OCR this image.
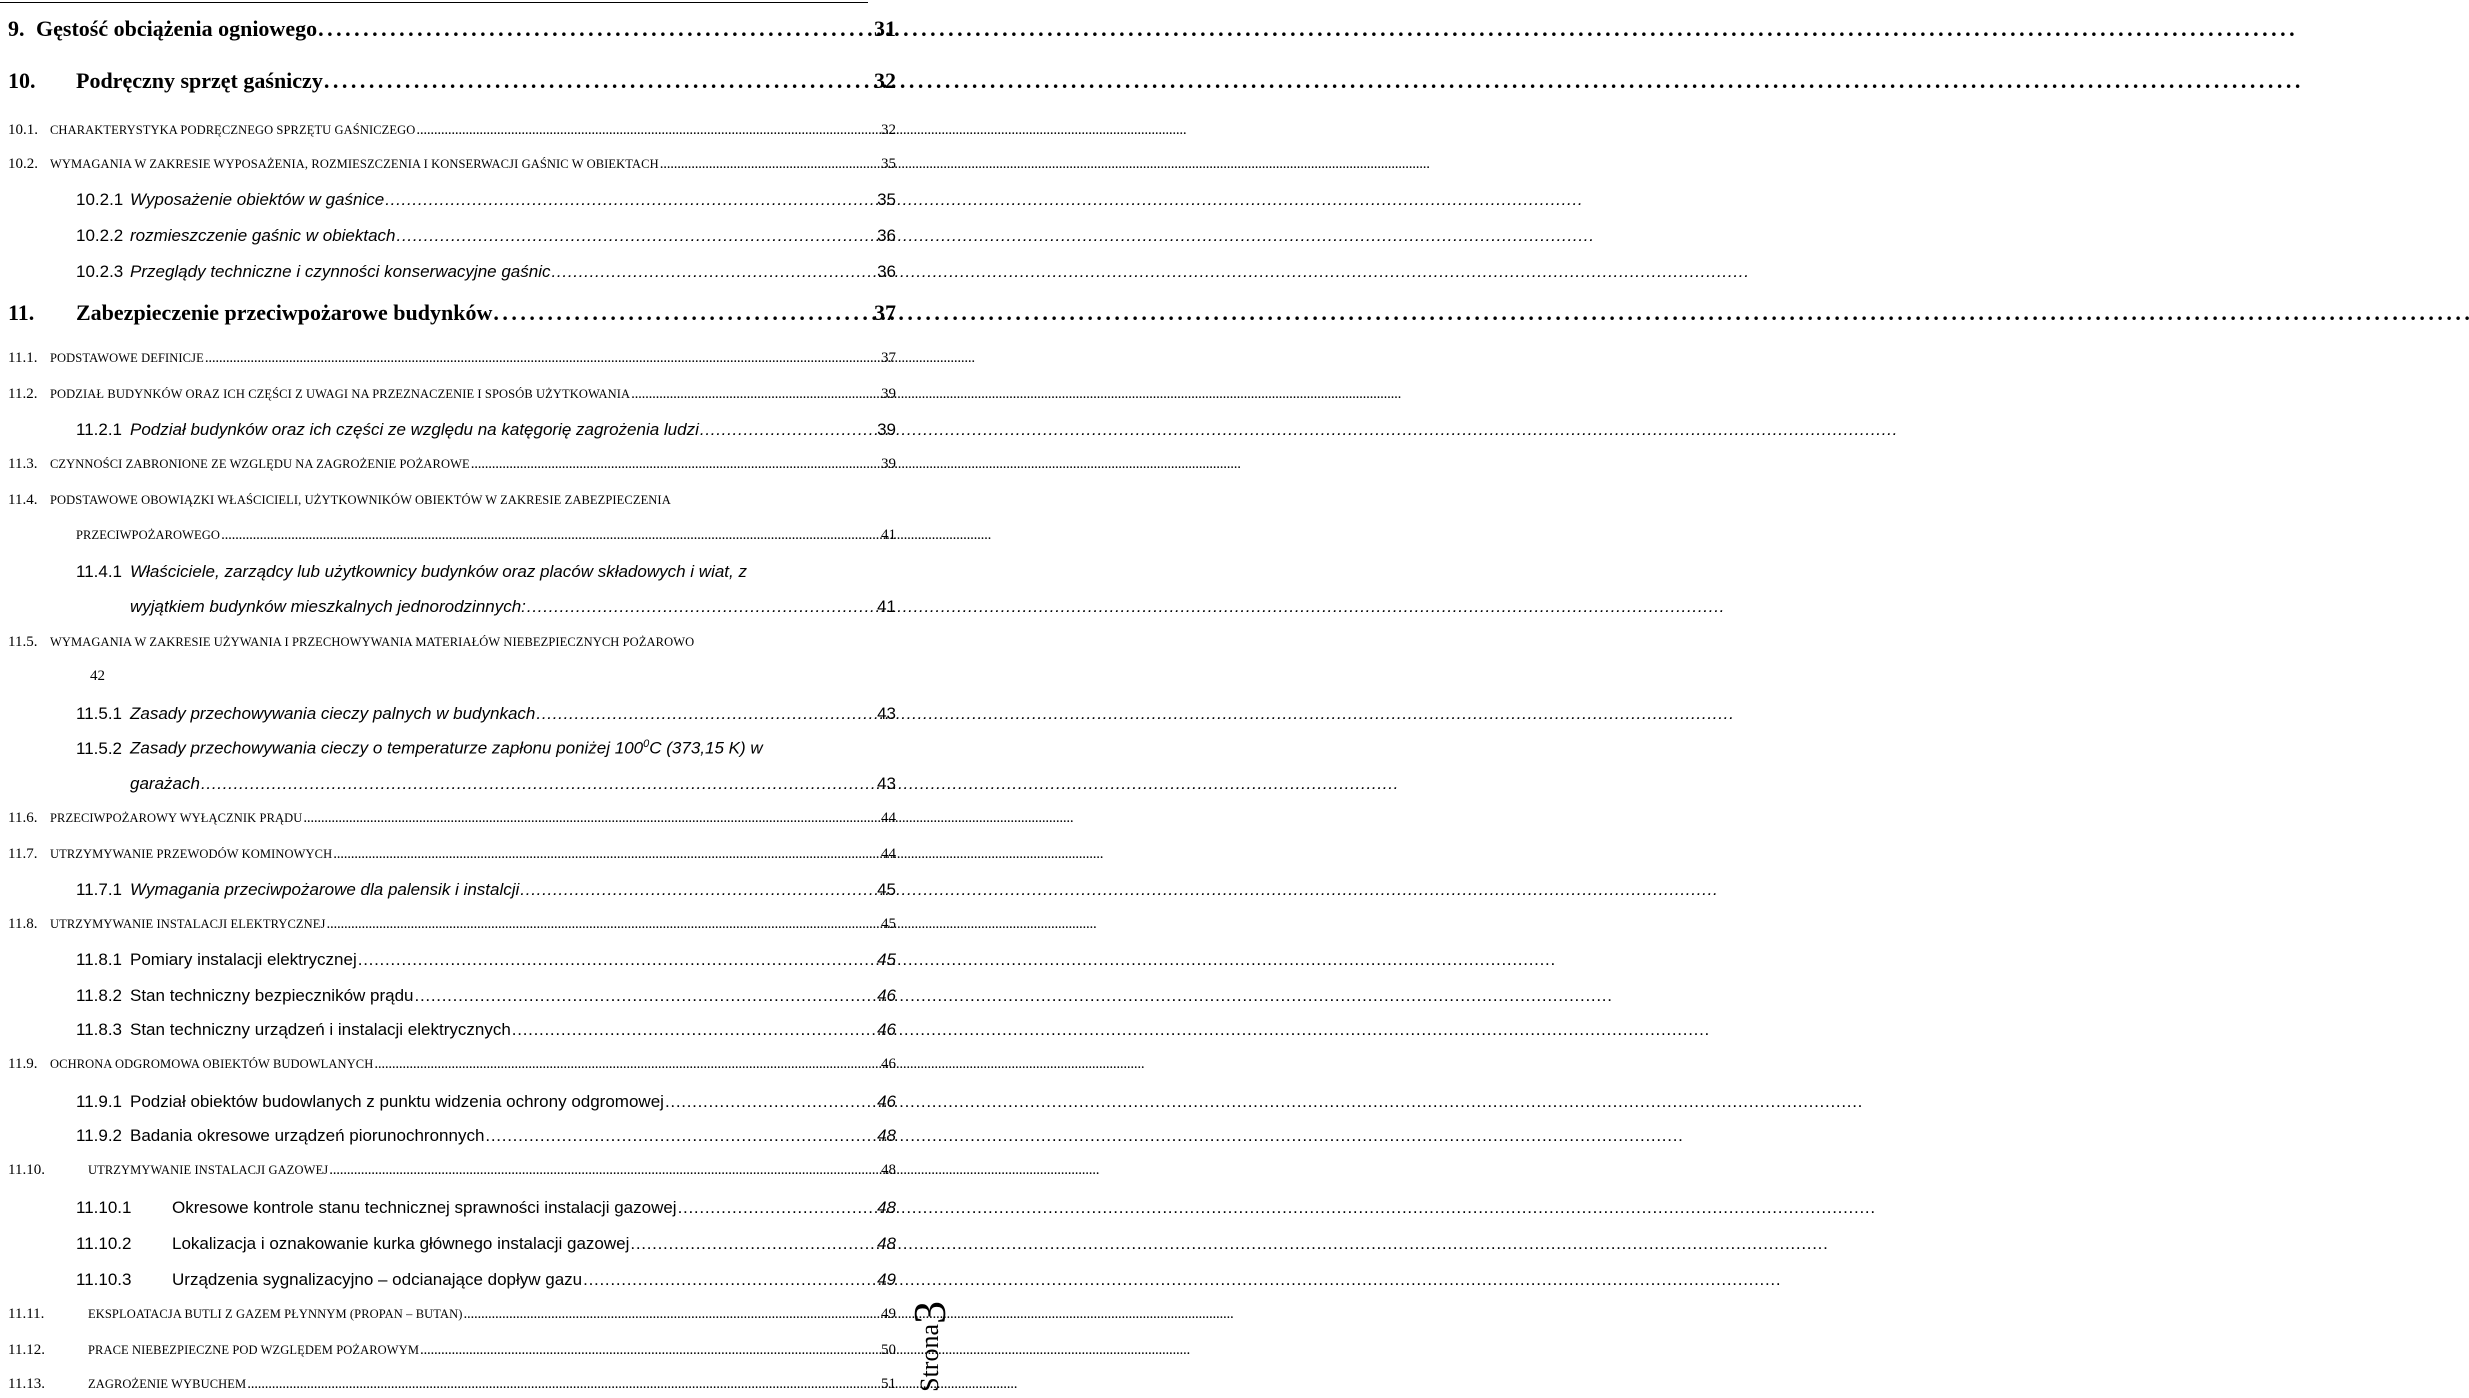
9. Gęstość obciążenia ogniowego . . .	31
10.	Podręczny sprzęt gaśniczy . . .	32
10.1. CHARAKTERYSTYKA PODRĘCZNEGO SPRZĘTU GAŚNICZEGO . . .	32
10.2. WYMAGANIA W ZAKRESIE WYPOSAŻENIA, ROZMIESZCZENIA I KONSERWACJI GAŚNIC W OBIEKTACH . . .	35
10.2.1 Wyposażenie obiektów w gaśnice . . .	35
10.2.2 rozmieszczenie gaśnic w obiektach . . .	36
10.2.3 Przeglądy techniczne i czynności konserwacyjne gaśnic . . .	36
11.	Zabezpieczenie przeciwpożarowe budynków . . .	37
11.1.	PODSTAWOWE DEFINICJE . . .	37
11.2.	PODZIAŁ BUDYNKÓW ORAZ ICH CZĘŚCI Z UWAGI NA PRZEZNACZENIE I SPOSÓB UŻYTKOWANIA . . .	39
11.2.1 Podział budynków oraz ich części ze względu na katęgorię zagrożenia ludzi . . .	39
11.3.	CZYNNOŚCI ZABRONIONE ZE WZGLĘDU NA ZAGROŻENIE POŻAROWE . . .	39
11.4.	PODSTAWOWE OBOWIĄZKI WŁAŚCICIELI, UŻYTKOWNIKÓW OBIEKTÓW W ZAKRESIE ZABEZPIECZENIA
PRZECIWPOŻAROWEGO . . .	41
11.4.1 Właściciele, zarządcy lub użytkownicy budynków oraz placów składowych i wiat, z
wyjątkiem budynków mieszkalnych jednorodzinnych: . . .	41
11.5.	WYMAGANIA W ZAKRESIE UŻYWANIA I PRZECHOWYWANIA MATERIAŁÓW NIEBEZPIECZNYCH POŻAROWO
42
11.5.1 Zasady przechowywania cieczy palnych w budynkach . . .	43
11.5.2 Zasady przechowywania cieczy o temperaturze zapłonu poniżej $100^0C$ (373,15 K) w
garażach . . .	43
11.6.	PRZECIWPOŻAROWY WYŁĄCZNIK PRĄDU . . .	44
11.7.	UTRZYMYWANIE PRZEWODÓW KOMINOWYCH . . .	44
11.7.1 Wymagania przeciwpożarowe dla palensik i instalcji . . .	45
11.8.	UTRZYMYWANIE INSTALACJI ELEKTRYCZNEJ . . .	45
11.8.1 Pomiary instalacji elektrycznej . . .	45
11.8.2 Stan techniczny bezpieczników prądu . . .	46
11.8.3 Stan techniczny urządzeń i instalacji elektrycznych . . .	46
11.9.	OCHRONA ODGROMOWA OBIEKTÓW BUDOWLANYCH . . .	46
11.9.1 Podział obiektów budowlanych z punktu widzenia ochrony odgromowej . . .	46
11.9.2 Badania okresowe urządzeń piorunochronnych . . .	48
11.10.	UTRZYMYWANIE INSTALACJI GAZOWEJ . . .	48
11.10.1	Okresowe kontrole stanu technicznej sprawności instalacji gazowej . . .	48
11.10.2	Lokalizacja i oznakowanie kurka głównego instalacji gazowej . . .	48
11.10.3	Urządzenia sygnalizacyjno – odcianające dopływ gazu . . .	49
11.11.	EKSPLOATACJA BUTLI Z GAZEM PŁYNNYM (PROPAN – BUTAN) . . .	49
11.12.	PRACE NIEBEZPIECZNE POD WZGLĘDEM POŻAROWYM . . .	50
11.13.	ZAGROŻENIE WYBUCHEM . . .	51 Strona3
